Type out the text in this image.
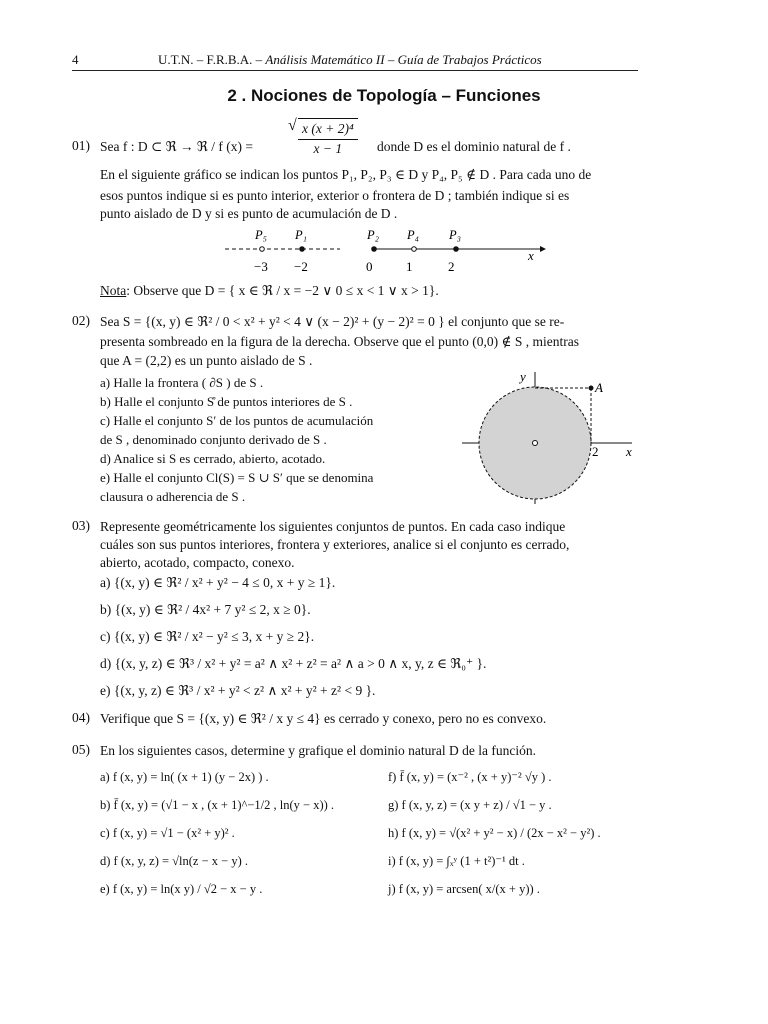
4	U.T.N. – F.R.B.A. – Análisis Matemático II – Guía de Trabajos Prácticos
2 . Nociones de Topología – Funciones
01) Sea f : D ⊂ ℜ → ℜ / f (x) =	$\frac{\text{√ x (x + 2)⁴}}{x - 1}$ donde D es el dominio natural de f .
En el siguiente gráfico se indican los puntos P₁, P₂, P₃ ∈ D y P₄, P₅ ∉ D . Para cada uno de
esos puntos indique si es punto interior, exterior o frontera de D ; también indique si es
punto aislado de D y si es punto de acumulación de D .
−3 −2	0	1	2
P₅ P₁	P₂ P₄ P₃
x
Nota: Observe que D = { x ∈ ℜ / x = −2 ∨ 0 ≤ x < 1 ∨ x > 1}.
02) Sea S = {(x, y) ∈ ℜ² / 0 < x² + y² < 4 ∨ (x − 2)² + (y − 2)² = 0 } el conjunto que se re-
presenta sombreado en la figura de la derecha. Observe que el punto (0,0) ∉ S , mientras
que A = (2,2) es un punto aislado de S .
a) Halle la frontera ( ∂S ) de S .
b) Halle el conjunto S̊ de puntos interiores de S .
c) Halle el conjunto S′ de los puntos de acumulación
de S , denominado conjunto derivado de S .
d) Analice si S es cerrado, abierto, acotado.
e) Halle el conjunto Cl(S) = S ∪ S′ que se denomina
clausura o adherencia de S .
y
x
A
2
03) Represente geométricamente los siguientes conjuntos de puntos. En cada caso indique
cuáles son sus puntos interiores, frontera y exteriores, analice si el conjunto es cerrado,
abierto, acotado, compacto, conexo.
a) {(x, y) ∈ ℜ² / x² + y² − 4 ≤ 0, x + y ≥ 1}.
b) {(x, y) ∈ ℜ² / 4x² + 7 y² ≤ 2, x ≥ 0}.
c) {(x, y) ∈ ℜ² / x² − y² ≤ 3, x + y ≥ 2}.
d) {(x, y, z) ∈ ℜ³ / x² + y² = a² ∧ x² + z² = a² ∧ a > 0 ∧ x, y, z ∈ ℜ₀⁺ }.
e) {(x, y, z) ∈ ℜ³ / x² + y² < z² ∧ x² + y² + z² < 9 }.
04) Verifique que S = {(x, y) ∈ ℜ² / x y ≤ 4} es cerrado y conexo, pero no es convexo.
05) En los siguientes casos, determine y grafique el dominio natural D de la función.
a) f (x, y) = ln( (x + 1) (y − 2x) ) .
b) f̄ (x, y) = (√1 − x , (x + 1)^−1/2 , ln(y − x)) .
c) f (x, y) = √1 − (x² + y)² .
d) f (x, y, z) = √ln(z − x − y) .
e) f (x, y) = ln(x y) / √2 − x − y .
f) f̄ (x, y) = (x⁻² , (x + y)⁻² √y ) .
g) f (x, y, z) = (x y + z) / √1 − y .
h) f (x, y) = √(x² + y² − x) / (2x − x² − y²) .
i) f (x, y) = ∫ₓʸ (1 + t²)⁻¹ dt .
j) f (x, y) = arcsen( x/(x + y)) .
